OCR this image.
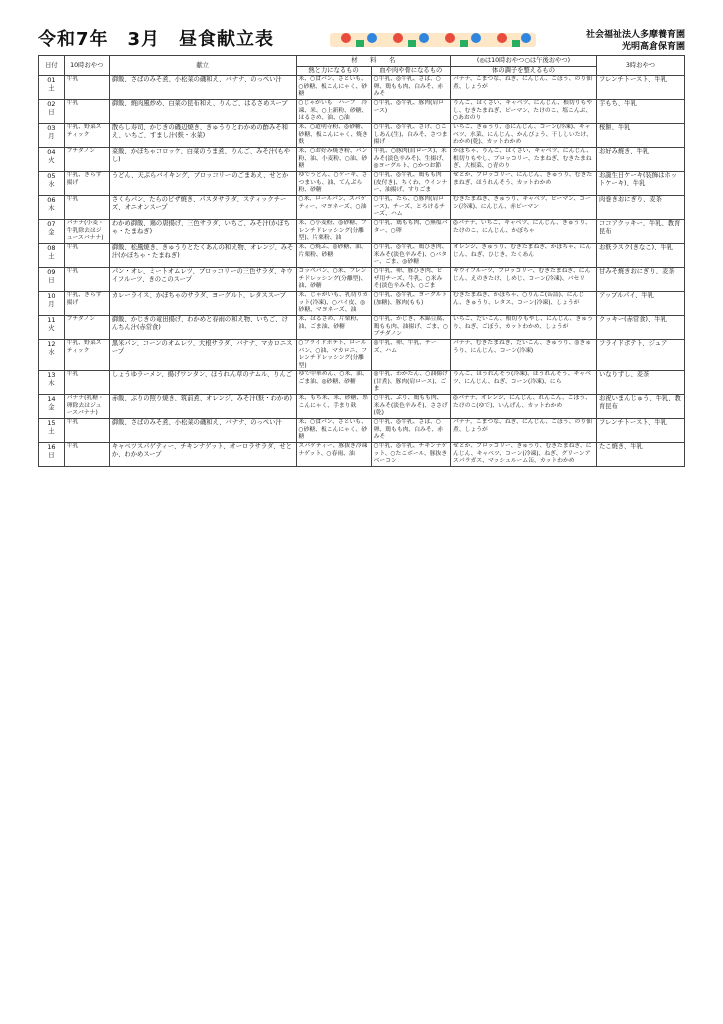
令和7年　3月　昼食献立表	社会福祉法人多摩養育園
光明高倉保育園
日付	10時おやつ	献立	材　　料　　名		(◎は10時おやつ○は午後おやつ)	3時おやつ
			熱と力になるもの	血や肉や骨になるもの	体の調子を整えるもの	
01
土	牛乳	御飯、さばのみそ煮、小松菜の磯和え、バナナ、のっぺい汁	米、○食パン、さといも、○砂糖、板こんにゃく、砂糖	○牛乳、◎牛乳、さば、○卵、鶏もも肉、白みそ、赤みそ	バナナ、こまつな、ねぎ、にんじん、ごぼう、のり佃煮、しょうが	フレンチトースト、牛乳
02
日	牛乳	御飯、焼肉風炒め、白菜の昆布和え、りんご、はるさめスープ	○じゃがいも　ハーフ　冷凍、米、○上新粉、砂糖、はるさめ、油、○油	○牛乳、◎牛乳、豚肉(肩ロース)	りんご、はくさい、キャベツ、にんじん、根切りもやし、むきたまねぎ、ピーマン、たけのこ、塩こんぶ、○あおのり	芋もち、牛乳
03
月	牛乳、野菜スティック	散らし寿司、かじきの磯辺焼き、きゅうりとわかめの酢みそ和え、いちご、すまし汁(麩・水菜)	米、○道明寺粉、◎砂糖、砂糖、板こんにゃく、焼き麩	○牛乳、◎牛乳、さけ、○こしあん(生)、白みそ、さつま揚げ	いちご、きゅうり、◎にんじん、コーン(冷凍)、キャベツ、水菜、にんじん、かんぴょう、干ししいたけ、わかめ(乾)、カットわかめ	桜餅、牛乳
04
火	ブチダノン	菜飯、かぼちゃコロッケ、白菜のうま煮、りんご、みそ汁(もやし)	米、○お好み焼き粉、パン粉、油、小麦粉、○油、砂糖	牛乳、○豚肉(肩ロース)、米みそ(淡色辛みそ)、生揚げ、◎ヨーグルト、○かつお節	かぼちゃ、りんご、はくさい、キャベツ、にんじん、根切りもやし、ブロッコリー、たまねぎ、むきたまねぎ、大根菜、○青のり	お好み焼き、牛乳
05
水	牛乳、きらず揚げ	うどん、天ぷらバイキング、ブロッコリーのごまあえ、せとか	ゆでうどん、○ケーキ、さつまいも、油、てんぷら粉、砂糖	○牛乳、◎牛乳、鶏もも肉(皮付き)、ちくわ、ウインナー、油揚げ、すりごま	せとか、ブロッコリー、にんじん、きゅうり、むきたまねぎ、ほうれんそう、カットわかめ	お誕生日ケーキ(装飾はホットケーキ)、牛乳
06
木	牛乳	さくらパン、たらのピザ焼き、パスタサラダ、スティックチーズ、オニオンスープ	○米、ロールパン、スパゲティー、マヨネーズ、○油	○牛乳、たら、○豚肉(肩ロース)、チーズ、とろけるチーズ、ハム	むきたまねぎ、きゅうり、キャベツ、ピーマン、コーン(冷凍)、にんじん、赤ピーマン	肉巻きおにぎり、麦茶
07
金	バナナ(小麦・牛乳除去はジュースバナナ)	わかめ御飯、鶏の唐揚げ、三色サラダ、いちご、みそ汁(かぼちゃ・たまねぎ)	米、○小麦粉、◎砂糖、フレンチドレッシング(分離型)、片栗粉、油	○牛乳、鶏もも肉、○無塩バター、○卵	◎バナナ、いちご、キャベツ、にんじん、きゅうり、たけのこ、にんじん、かぼちゃ	ココアクッキー、牛乳、教育昆布
08
土	牛乳	御飯、松風焼き、きゅうりとたくあんの和え物、オレンジ、みそ汁(かぼちゃ・たまねぎ)	米、○焼ふ、◎砂糖、油、片栗粉、砂糖	○牛乳、◎牛乳、鶏ひき肉、米みそ(淡色辛みそ)、○バター、ごま、◎砂糖	オレンジ、きゅうり、むきたまねぎ、かぼちゃ、にんじん、ねぎ、ひじき、たくあん	お麩ラスク(きなこ)、牛乳
09
日	牛乳	パン・オレ、ミートオムレツ、ブロッコリーの三色サラダ、キウイフルーツ、きのこのスープ	コッペパン、○米、フレンチドレッシング(分離型)、油、砂糖	○牛乳、卵、豚ひき肉、ピザ用チーズ、牛乳、○米みそ(淡色辛みそ)、○ごま	キウイフルーツ、ブロッコリー、むきたまねぎ、にんじん、えのきたけ、しめじ、コーン(冷凍)、パセリ	甘みそ焼きおにぎり、麦茶
10
月	牛乳、きらず揚げ	カレーライス、かぼちゃのサラダ、ヨーグルト、レタススープ	米、じゃがいも、乳切りカット(冷凍)、○パイ皮、◎砂糖、マヨネーズ、油	○牛乳、◎牛乳、ヨーグルト(加糖)、豚肉(もも)	むきたまねぎ、かぼちゃ、○りんご(缶詰)、にんじん、きゅうり、レタス、コーン(冷凍)、しょうが	アップルパイ、牛乳
11
火	ブチダノン	御飯、かじきの竜田揚げ、わかめと春雨の和え物、いちご、けんちん汁(赤常食)	米、はるさめ、片栗粉、油、ごま油、砂糖	○牛乳、かじき、木綿豆腐、鶏もも肉、油揚げ、ごま、○ブチダノン	いちご、だいこん、根切りもやし、にんじん、きゅうり、ねぎ、ごぼう、カットわかめ、しょうが	クッキー(赤常食)、牛乳
12
水	牛乳、野菜スティック	黒米パン、コーンのオムレツ、大根サラダ、バナナ、マカロニスープ	○フライドポテト、ロールパン、○油、マカロニ、フレンチドレッシング(分離型)	◎牛乳、卵、牛乳、チーズ、ハム	バナナ、むきたまねぎ、だいこん、きゅうり、◎きゅうり、にんじん、コーン(冷凍)	フライドポテト、ジュア
13
木	牛乳	しょうゆラーメン、揚げワンタン、ほうれん草のナムル、りんご	ゆで中華めん、○米、油、ごま油、◎砂糖、砂糖	◎牛乳、わかたん、○油揚げ(甘煮)、豚肉(肩ロース)、ごま	りんご、ほうれんそう(冷凍)、ほうれんそう、キャベツ、にんじん、ねぎ、コーン(冷凍)、にら	いなりずし、麦茶
14
金	バナナ(乳糖・卵除去はジュースバナナ)	赤飯、ぶりの照り焼き、筑前煮、オレンジ、みそ汁(麩・わかめ)	米、もち米、米、砂糖、糸こんにゃく、手まり麸	○牛乳、ぶり、鶏もも肉、米みそ(淡色辛みそ)、ささげ(乾)	◎バナナ、オレンジ、にんじん、れんこん、ごぼう、たけのこ(ゆで)、いんげん、カットわかめ	お祝いまんじゅう、牛乳、教育昆布
15
土	牛乳	御飯、さばのみそ煮、小松菜の磯和え、バナナ、のっぺい汁	米、○食パン、さといも、○砂糖、板こんにゃく、砂糖	○牛乳、◎牛乳、さば、○卵、鶏もも肉、白みそ、赤みそ	バナナ、こまつな、ねぎ、にんじん、ごぼう、のり佃煮、しょうが	フレンチトースト、牛乳
16
日	牛乳	キャベツスパゲティー、チキンナゲット、オーロラサラダ、せとか、わかめスープ	スパゲティー、豚抜き冷凍ナゲット、○春雨、油	○牛乳、◎牛乳、チキンナゲット、○たこボール、豚抜きベーコン	せとか、ブロッコリー、きゅうり、むきたまねぎ、にんじん、キャベツ、コーン(冷凍)、ねぎ、グリーンアスパラガス、マッシュルーム缶、カットわかめ	たこ焼き、牛乳
